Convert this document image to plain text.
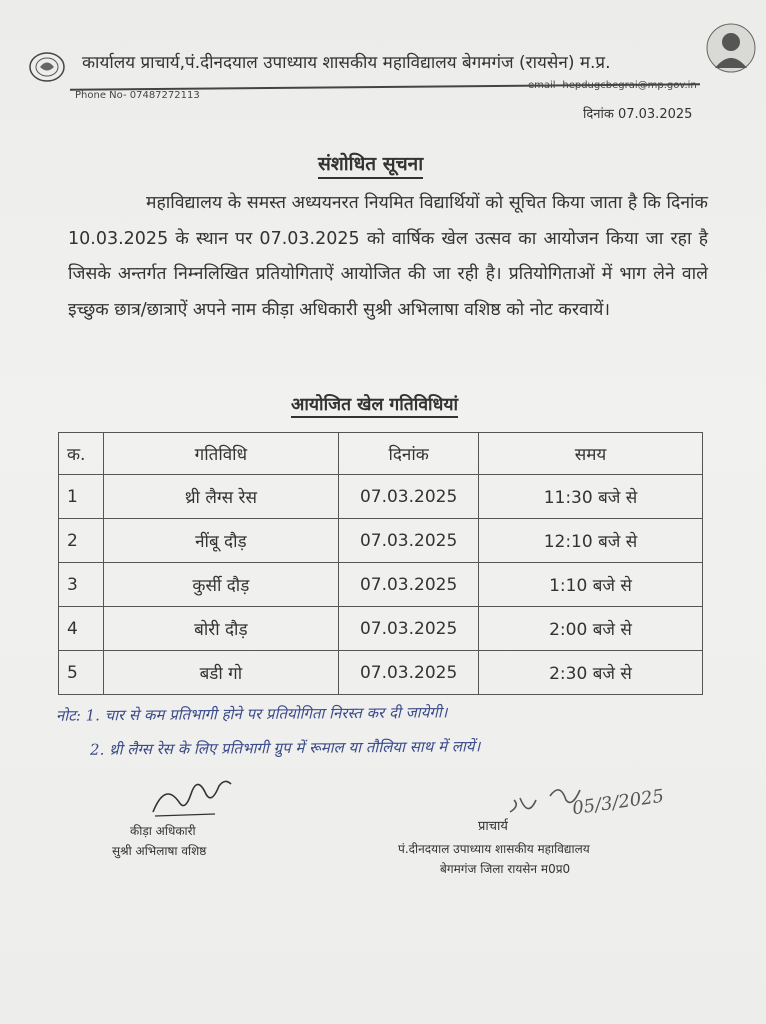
कार्यालय प्राचार्य,पं.दीनदयाल उपाध्याय शासकीय महाविद्यालय बेगमगंज (रायसेन) म.प्र.
email- hepdugcbegrai@mp.gov.in
Phone No- 07487272113
दिनांक 07.03.2025
संशोधित सूचना

महाविद्यालय के समस्त अध्ययनरत नियमित विद्यार्थियों को सूचित किया जाता है कि दिनांक 10.03.2025 के स्थान पर 07.03.2025 को वार्षिक खेल उत्सव का आयोजन किया जा रहा है जिसके अन्तर्गत निम्नलिखित प्रतियोगिताऐं आयोजित की जा रही है। प्रतियोगिताओं में भाग लेने वाले इच्छुक छात्र/छात्राऐं अपने नाम कीड़ा अधिकारी सुश्री अभिलाषा वशिष्ठ को नोट करवायें।

आयोजित खेल गतिविधियां
क.	गतिविधि	दिनांक	समय
1	थ्री लैग्स रेस	07.03.2025	11:30 बजे से
2	नींबू दौड़	07.03.2025	12:10 बजे से
3	कुर्सी दौड़	07.03.2025	1:10 बजे से
4	बोरी दौड़	07.03.2025	2:00 बजे से
5	बडी गो	07.03.2025	2:30 बजे से
नोट: 1. चार से कम प्रतिभागी होने पर प्रतियोगिता निरस्त कर दी जायेगी।
2. थ्री लैग्स रेस के लिए प्रतिभागी ग्रुप में रूमाल या तौलिया साथ में लायें।
कीड़ा अधिकारी
सुश्री अभिलाषा वशिष्ठ
05/3/2025
प्राचार्य
पं.दीनदयाल उपाध्याय शासकीय महाविद्यालय
बेगमगंज जिला रायसेन म0प्र0
